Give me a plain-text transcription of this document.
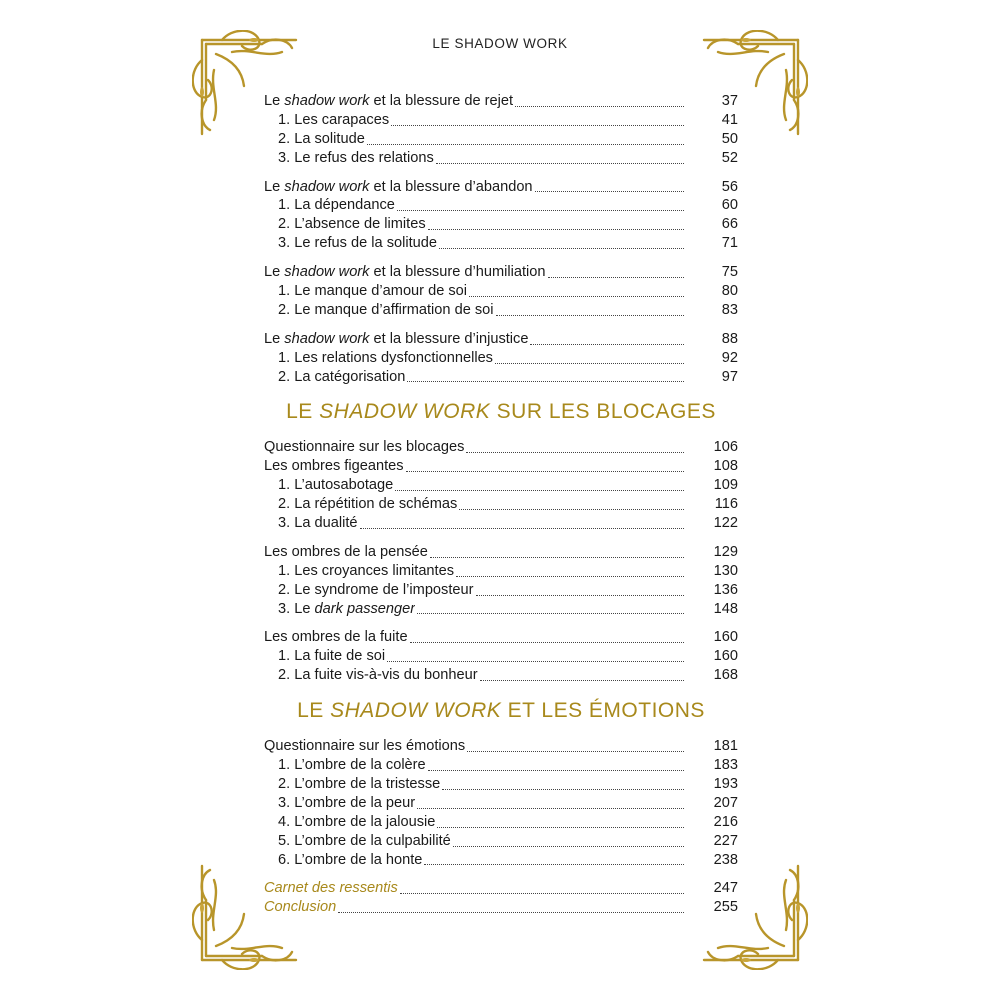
LE SHADOW WORK
Le shadow work et la blessure de rejet	37
1. Les carapaces	41
2. La solitude	50
3. Le refus des relations	52
Le shadow work et la blessure d’abandon	56
1. La dépendance	60
2. L’absence de limites	66
3. Le refus de la solitude	71
Le shadow work et la blessure d’humiliation	75
1. Le manque d’amour de soi	80
2. Le manque d’affirmation de soi	83
Le shadow work et la blessure d’injustice	88
1. Les relations dysfonctionnelles	92
2. La catégorisation	97
LE SHADOW WORK SUR LES BLOCAGES
Questionnaire sur les blocages	106
Les ombres figeantes	108
1. L’autosabotage	109
2. La répétition de schémas	116
3. La dualité	122
Les ombres de la pensée	129
1. Les croyances limitantes	130
2. Le syndrome de l’imposteur	136
3. Le dark passenger	148
Les ombres de la fuite	160
1. La fuite de soi	160
2. La fuite vis-à-vis du bonheur	168
LE SHADOW WORK ET LES ÉMOTIONS
Questionnaire sur les émotions	181
1. L’ombre de la colère	183
2. L’ombre de la tristesse	193
3. L’ombre de la peur	207
4. L’ombre de la jalousie	216
5. L’ombre de la culpabilité	227
6. L’ombre de la honte	238
Carnet des ressentis	247
Conclusion	255
